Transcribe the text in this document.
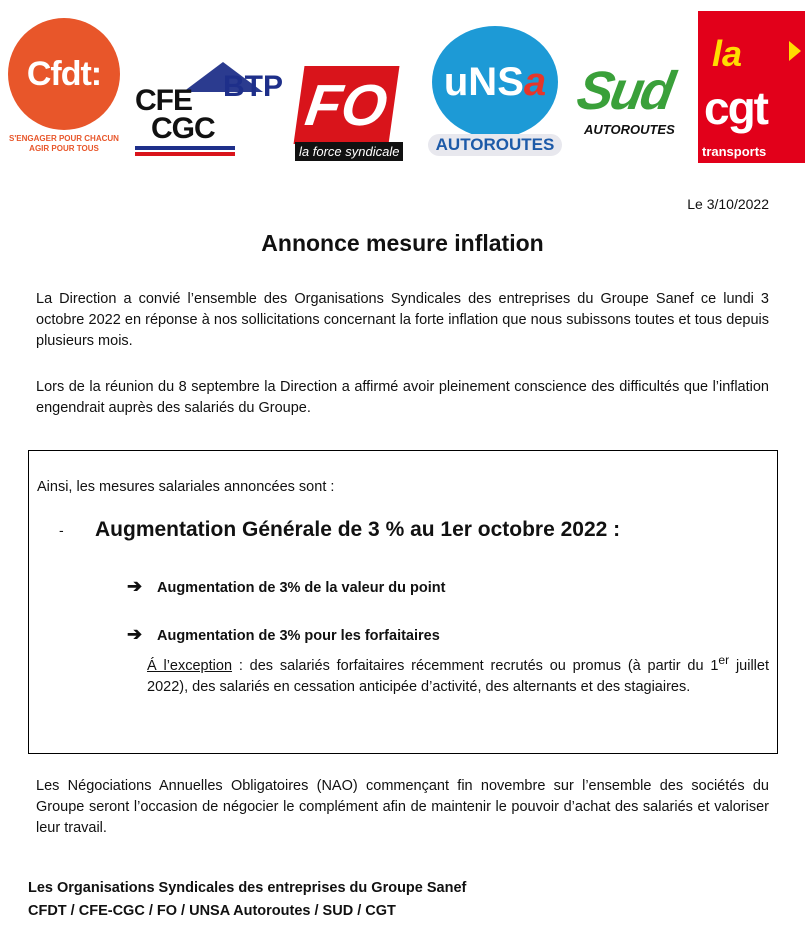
Cfdt:
S'ENGAGER POUR CHACUN
AGIR POUR TOUS
CFE
CGC
BTP FO
la force syndicale
uN S a
AUTOROUTES
Sud
AUTOROUTES
la
cgt
transports
Le 3/10/2022
Annonce mesure inflation
La Direction a convié l’ensemble des Organisations Syndicales des entreprises du Groupe Sanef ce lundi 3 octobre 2022 en réponse à nos sollicitations concernant la forte inflation que nous subissons toutes et tous depuis plusieurs mois.
Lors de la réunion du 8 septembre la Direction a affirmé avoir pleinement conscience des difficultés que l’inflation engendrait auprès des salariés du Groupe.
Ainsi, les mesures salariales annoncées sont :
- Augmentation Générale de 3 % au 1er octobre 2022 :
➔ Augmentation de 3% de la valeur du point
➔ Augmentation de 3% pour les forfaitaires
Á l’exception : des salariés forfaitaires récemment recrutés ou promus (à partir du 1er juillet 2022), des salariés en cessation anticipée d’activité, des alternants et des stagiaires.
Les Négociations Annuelles Obligatoires (NAO) commençant fin novembre sur l’ensemble des sociétés du Groupe seront l’occasion de négocier le complément afin de maintenir le pouvoir d’achat des salariés et valoriser leur travail.
Les Organisations Syndicales des entreprises du Groupe Sanef
CFDT / CFE-CGC / FO / UNSA Autoroutes / SUD / CGT
